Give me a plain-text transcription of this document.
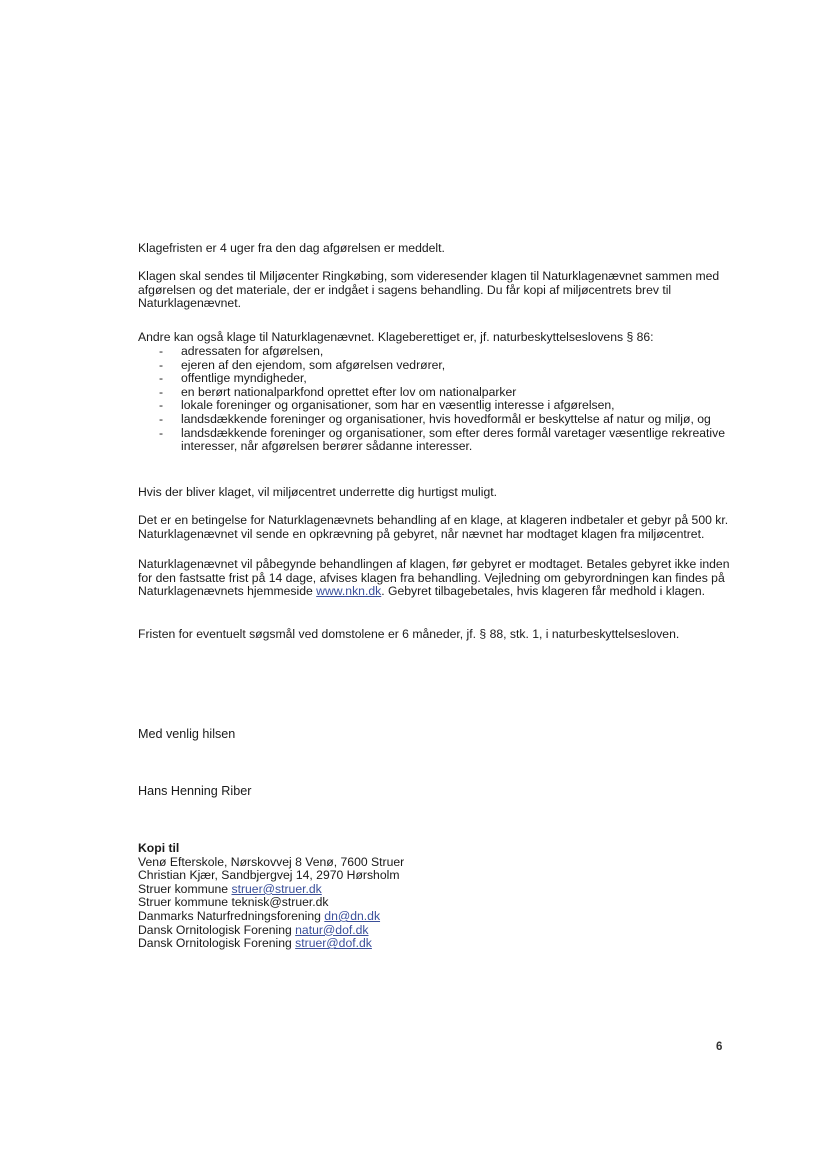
Klagefristen er 4 uger fra den dag afgørelsen er meddelt.

Klagen skal sendes til Miljøcenter Ringkøbing, som videresender klagen til Naturklagenævnet sammen med afgørelsen og det materiale, der er indgået i sagens behandling. Du får kopi af miljøcentrets brev til Naturklagenævnet.

Andre kan også klage til Naturklagenævnet. Klageberettiget er, jf. naturbeskyttelseslovens § 86:

- adressaten for afgørelsen,
- ejeren af den ejendom, som afgørelsen vedrører,
- offentlige myndigheder,
- en berørt nationalparkfond oprettet efter lov om nationalparker
- lokale foreninger og organisationer, som har en væsentlig interesse i afgørelsen,
- landsdækkende foreninger og organisationer, hvis hovedformål er beskyttelse af natur og miljø, og
- landsdækkende foreninger og organisationer, som efter deres formål varetager væsentlige rekreative interesser, når afgørelsen berører sådanne interesser.

Hvis der bliver klaget, vil miljøcentret underrette dig hurtigst muligt.

Det er en betingelse for Naturklagenævnets behandling af en klage, at klageren indbetaler et gebyr på 500 kr. Naturklagenævnet vil sende en opkrævning på gebyret, når nævnet har modtaget klagen fra miljøcentret.

Naturklagenævnet vil påbegynde behandlingen af klagen, før gebyret er modtaget. Betales gebyret ikke inden for den fastsatte frist på 14 dage, afvises klagen fra behandling. Vejledning om gebyrordningen kan findes på Naturklagenævnets hjemmeside www.nkn.dk. Gebyret tilbagebetales, hvis klageren får medhold i klagen.

Fristen for eventuelt søgsmål ved domstolene er 6 måneder, jf. § 88, stk. 1, i naturbeskyttelsesloven.

Med venlig hilsen

Hans Henning Riber

Kopi til

Venø Efterskole, Nørskovvej 8 Venø, 7600 Struer

Christian Kjær, Sandbjergvej 14, 2970 Hørsholm

Struer kommune struer@struer.dk

Struer kommune teknisk@struer.dk

Danmarks Naturfredningsforening dn@dn.dk

Dansk Ornitologisk Forening natur@dof.dk

Dansk Ornitologisk Forening struer@dof.dk

6
